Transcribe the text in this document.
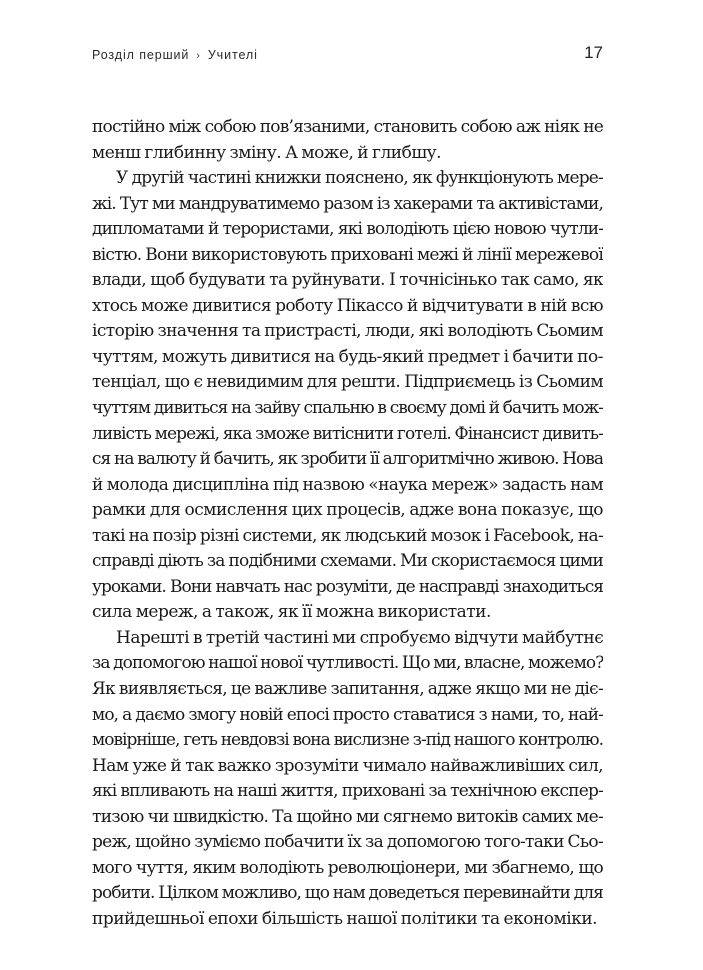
Розділ перший › Учителі	17
постійно між собою пов’язаними, становить собою аж ніяк не
менш глибинну зміну. А може, й глибшу.
У другій частині книжки пояснено, як функціонують мере-
жі. Тут ми мандруватимемо разом із хакерами та активістами,
дипломатами й терористами, які володіють цією новою чутли-
вістю. Вони використовують приховані межі й лінії мережевої
влади, щоб будувати та руйнувати. І точнісінько так само, як
хтось може дивитися роботу Пікассо й відчитувати в ній всю
історію значення та пристрасті, люди, які володіють Сьомим
чуттям, можуть дивитися на будь-який предмет і бачити по-
тенціал, що є невидимим для решти. Підприємець із Сьомим
чуттям дивиться на зайву спальню в своєму домі й бачить мож-
ливість мережі, яка зможе витіснити готелі. Фінансист дивить-
ся на валюту й бачить, як зробити її алгоритмічно живою. Нова
й молода дисципліна під назвою «наука мереж» задасть нам
рамки для осмислення цих процесів, адже вона показує, що
такі на позір різні системи, як людський мозок і Facebook, на-
справді діють за подібними схемами. Ми скористаємося цими
уроками. Вони навчать нас розуміти, де насправді знаходиться
сила мереж, а також, як її можна використати.
Нарешті в третій частині ми спробуємо відчути майбутнє
за допомогою нашої нової чутливості. Що ми, власне, можемо?
Як виявляється, це важливе запитання, адже якщо ми не діє-
мо, а даємо змогу новій епосі просто ставатися з нами, то, най-
мовірніше, геть невдовзі вона вислизне з-під нашого контролю.
Нам уже й так важко зрозуміти чимало найважливіших сил,
які впливають на наші життя, приховані за технічною експер-
тизою чи швидкістю. Та щойно ми сягнемо витоків самих ме-
реж, щойно зуміємо побачити їх за допомогою того-таки Сьо-
мого чуття, яким володіють революціонери, ми збагнемо, що
робити. Цілком можливо, що нам доведеться перевинайти для
прийдешньої епохи більшість нашої політики та економіки.
